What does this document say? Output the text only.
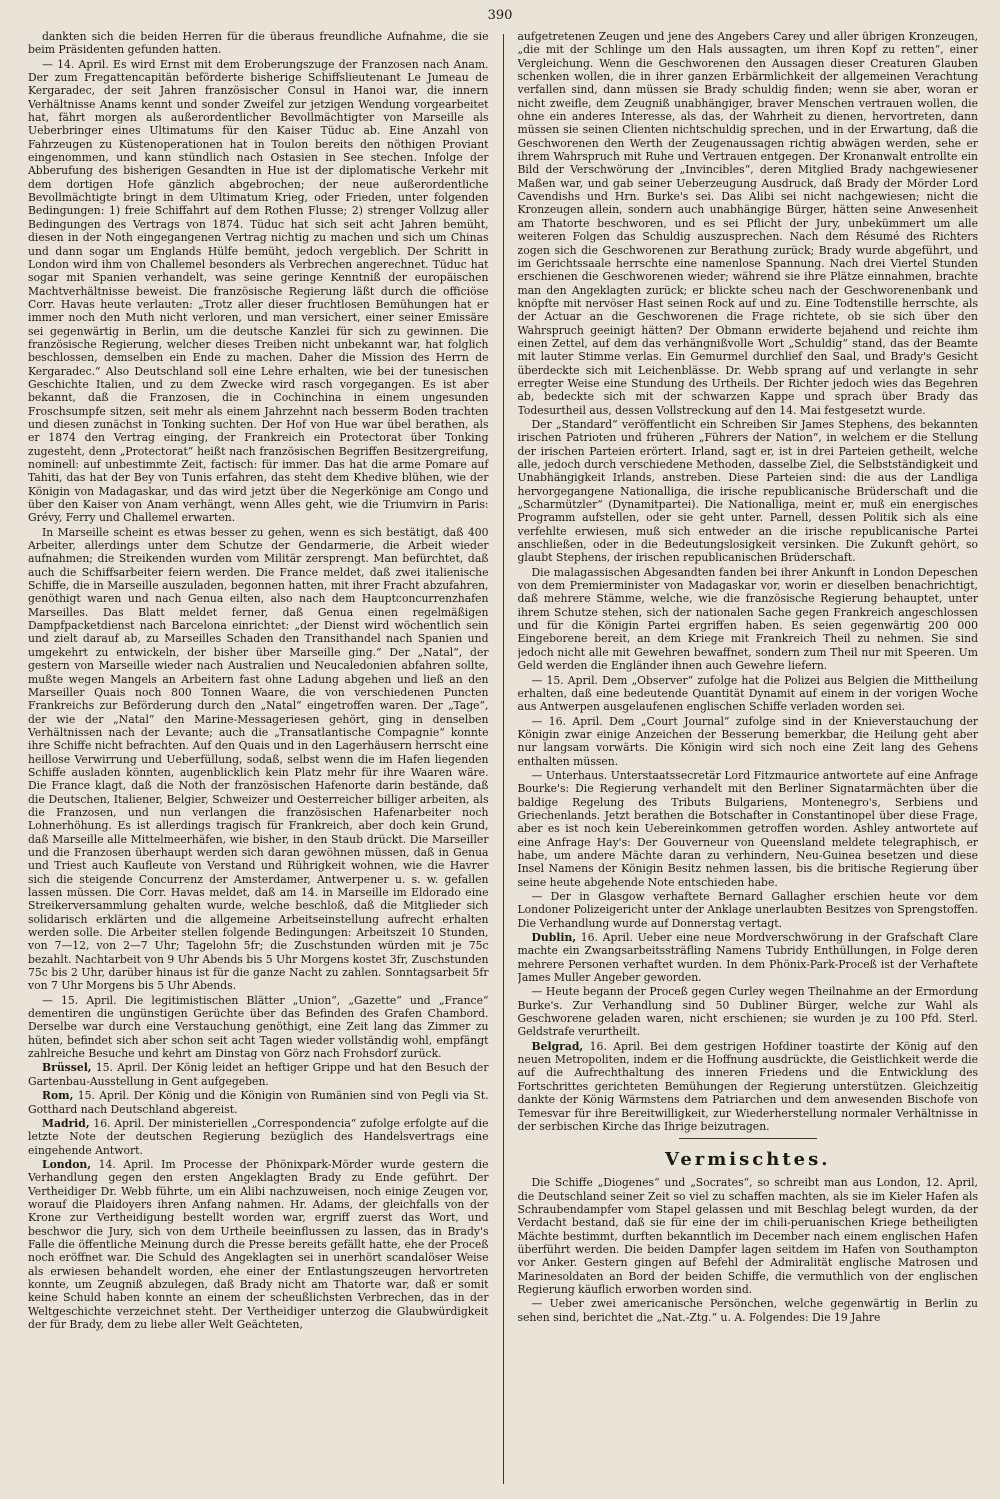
390

dankten sich die beiden Herren für die überaus freundliche Aufnahme, die sie beim Präsidenten gefunden hatten.

— 14. April. Es wird Ernst mit dem Eroberungszuge der Franzosen nach Anam. Der zum Fregattencapitän beförderte bisherige Schiffslieutenant Le Jumeau de Kergaradec, der seit Jahren französischer Consul in Hanoi war, die innern Verhältnisse Anams kennt und sonder Zweifel zur jetzigen Wendung vorgearbeitet hat, fährt morgen als außerordentlicher Bevollmächtigter von Marseille als Ueberbringer eines Ultimatums für den Kaiser Tüduc ab. Eine Anzahl von Fahrzeugen zu Küstenoperationen hat in Toulon bereits den nöthigen Proviant eingenommen, und kann stündlich nach Ostasien in See stechen. Infolge der Abberufung des bisherigen Gesandten in Hue ist der diplomatische Verkehr mit dem dortigen Hofe gänzlich abgebrochen; der neue außerordentliche Bevollmächtigte bringt in dem Ultimatum Krieg, oder Frieden, unter folgenden Bedingungen: 1) freie Schiffahrt auf dem Rothen Flusse; 2) strenger Vollzug aller Bedingungen des Vertrags von 1874. Tüduc hat sich seit acht Jahren bemüht, diesen in der Noth eingegangenen Vertrag nichtig zu machen und sich um Chinas und dann sogar um Englands Hülfe bemüht, jedoch vergeblich. Der Schritt in London wird ihm von Challemel besonders als Verbrechen angerechnet. Tüduc hat sogar mit Spanien verhandelt, was seine geringe Kenntniß der europäischen Machtverhältnisse beweist. Die französische Regierung läßt durch die officiöse Corr. Havas heute verlauten: „Trotz aller dieser fruchtlosen Bemühungen hat er immer noch den Muth nicht verloren, und man versichert, einer seiner Emissäre sei gegenwärtig in Berlin, um die deutsche Kanzlei für sich zu gewinnen. Die französische Regierung, welcher dieses Treiben nicht unbekannt war, hat folglich beschlossen, demselben ein Ende zu machen. Daher die Mission des Herrn de Kergaradec.“ Also Deutschland soll eine Lehre erhalten, wie bei der tunesischen Geschichte Italien, und zu dem Zwecke wird rasch vorgegangen. Es ist aber bekannt, daß die Franzosen, die in Cochinchina in einem ungesunden Froschsumpfe sitzen, seit mehr als einem Jahrzehnt nach besserm Boden trachten und diesen zunächst in Tonking suchten. Der Hof von Hue war übel berathen, als er 1874 den Vertrag einging, der Frankreich ein Protectorat über Tonking zugesteht, denn „Protectorat“ heißt nach französischen Begriffen Besitzergreifung, nominell: auf unbestimmte Zeit, factisch: für immer. Das hat die arme Pomare auf Tahiti, das hat der Bey von Tunis erfahren, das steht dem Khedive blühen, wie der Königin von Madagaskar, und das wird jetzt über die Negerkönige am Congo und über den Kaiser von Anam verhängt, wenn Alles geht, wie die Triumvirn in Paris: Grévy, Ferry und Challemel erwarten.

In Marseille scheint es etwas besser zu gehen, wenn es sich bestätigt, daß 400 Arbeiter, allerdings unter dem Schutze der Gendarmerie, die Arbeit wieder aufnahmen; die Streikenden wurden vom Militär zersprengt. Man befürchtet, daß auch die Schiffsarbeiter feiern werden. Die France meldet, daß zwei italienische Schiffe, die in Marseille auszuladen, begonnen hatten, mit ihrer Fracht abzufahren, genöthigt waren und nach Genua eilten, also nach dem Hauptconcurrenzhafen Marseilles. Das Blatt meldet ferner, daß Genua einen regelmäßigen Dampfpacketdienst nach Barcelona einrichtet: „der Dienst wird wöchentlich sein und zielt darauf ab, zu Marseilles Schaden den Transithandel nach Spanien und umgekehrt zu entwickeln, der bisher über Marseille ging.“ Der „Natal“, der gestern von Marseille wieder nach Australien und Neucaledonien abfahren sollte, mußte wegen Mangels an Arbeitern fast ohne Ladung abgehen und ließ an den Marseiller Quais noch 800 Tonnen Waare, die von verschiedenen Puncten Frankreichs zur Beförderung durch den „Natal“ eingetroffen waren. Der „Tage“, der wie der „Natal“ den Marine-Messageriesen gehört, ging in denselben Verhältnissen nach der Levante; auch die „Transatlantische Compagnie“ konnte ihre Schiffe nicht befrachten. Auf den Quais und in den Lagerhäusern herrscht eine heillose Verwirrung und Ueberfüllung, sodaß, selbst wenn die im Hafen liegenden Schiffe ausladen könnten, augenblicklich kein Platz mehr für ihre Waaren wäre. Die France klagt, daß die Noth der französischen Hafenorte darin bestände, daß die Deutschen, Italiener, Belgier, Schweizer und Oesterreicher billiger arbeiten, als die Franzosen, und nun verlangen die französischen Hafenarbeiter noch Lohnerhöhung. Es ist allerdings tragisch für Frankreich, aber doch kein Grund, daß Marseille alle Mittelmeerhäfen, wie bisher, in den Staub drückt. Die Marseiller und die Franzosen überhaupt werden sich daran gewöhnen müssen, daß in Genua und Triest auch Kaufleute von Verstand und Rührigkeit wohnen, wie die Havrer sich die steigende Concurrenz der Amsterdamer, Antwerpener u. s. w. gefallen lassen müssen. Die Corr. Havas meldet, daß am 14. in Marseille im Eldorado eine Streikerversammlung gehalten wurde, welche beschloß, daß die Mitglieder sich solidarisch erklärten und die allgemeine Arbeitseinstellung aufrecht erhalten werden solle. Die Arbeiter stellen folgende Bedingungen: Arbeitszeit 10 Stunden, von 7—12, von 2—7 Uhr; Tagelohn 5fr; die Zuschstunden würden mit je 75c bezahlt. Nachtarbeit von 9 Uhr Abends bis 5 Uhr Morgens kostet 3fr, Zuschstunden 75c bis 2 Uhr, darüber hinaus ist für die ganze Nacht zu zahlen. Sonntagsarbeit 5fr von 7 Uhr Morgens bis 5 Uhr Abends.

— 15. April. Die legitimistischen Blätter „Union“, „Gazette“ und „France“ dementiren die ungünstigen Gerüchte über das Befinden des Grafen Chambord. Derselbe war durch eine Verstauchung genöthigt, eine Zeit lang das Zimmer zu hüten, befindet sich aber schon seit acht Tagen wieder vollständig wohl, empfängt zahlreiche Besuche und kehrt am Dinstag von Görz nach Frohsdorf zurück.

Brüssel, 15. April. Der König leidet an heftiger Grippe und hat den Besuch der Gartenbau-Ausstellung in Gent aufgegeben.

Rom, 15. April. Der König und die Königin von Rumänien sind von Pegli via St. Gotthard nach Deutschland abgereist.

Madrid, 16. April. Der ministeriellen „Correspondencia“ zufolge erfolgte auf die letzte Note der deutschen Regierung bezüglich des Handelsvertrags eine eingehende Antwort.

London, 14. April. Im Processe der Phönixpark-Mörder wurde gestern die Verhandlung gegen den ersten Angeklagten Brady zu Ende geführt. Der Vertheidiger Dr. Webb führte, um ein Alibi nachzuweisen, noch einige Zeugen vor, worauf die Plaidoyers ihren Anfang nahmen. Hr. Adams, der gleichfalls von der Krone zur Vertheidigung bestellt worden war, ergriff zuerst das Wort, und beschwor die Jury, sich von dem Urtheile beeinflussen zu lassen, das in Brady's Falle die öffentliche Meinung durch die Presse bereits gefällt hatte, ehe der Proceß noch eröffnet war. Die Schuld des Angeklagten sei in unerhört scandalöser Weise als erwiesen behandelt worden, ehe einer der Entlastungszeugen hervortreten konnte, um Zeugniß abzulegen, daß Brady nicht am Thatorte war, daß er somit keine Schuld haben konnte an einem der scheußlichsten Verbrechen, das in der Weltgeschichte verzeichnet steht. Der Vertheidiger unterzog die Glaubwürdigkeit der für Brady, dem zu liebe aller Welt Geächteten,

aufgetretenen Zeugen und jene des Angebers Carey und aller übrigen Kronzeugen, „die mit der Schlinge um den Hals aussagten, um ihren Kopf zu retten“, einer Vergleichung. Wenn die Geschworenen den Aussagen dieser Creaturen Glauben schenken wollen, die in ihrer ganzen Erbärmlichkeit der allgemeinen Verachtung verfallen sind, dann müssen sie Brady schuldig finden; wenn sie aber, woran er nicht zweifle, dem Zeugniß unabhängiger, braver Menschen vertrauen wollen, die ohne ein anderes Interesse, als das, der Wahrheit zu dienen, hervortreten, dann müssen sie seinen Clienten nichtschuldig sprechen, und in der Erwartung, daß die Geschworenen den Werth der Zeugenaussagen richtig abwägen werden, sehe er ihrem Wahrspruch mit Ruhe und Vertrauen entgegen. Der Kronanwalt entrollte ein Bild der Verschwörung der „Invincibles“, deren Mitglied Brady nachgewiesener Maßen war, und gab seiner Ueberzeugung Ausdruck, daß Brady der Mörder Lord Cavendishs und Hrn. Burke's sei. Das Alibi sei nicht nachgewiesen; nicht die Kronzeugen allein, sondern auch unabhängige Bürger, hätten seine Anwesenheit am Thatorte beschworen, und es sei Pflicht der Jury, unbekümmert um alle weiteren Folgen das Schuldig auszusprechen. Nach dem Résumé des Richters zogen sich die Geschworenen zur Berathung zurück; Brady wurde abgeführt, und im Gerichtssaale herrschte eine namenlose Spannung. Nach drei Viertel Stunden erschienen die Geschworenen wieder; während sie ihre Plätze einnahmen, brachte man den Angeklagten zurück; er blickte scheu nach der Geschworenenbank und knöpfte mit nervöser Hast seinen Rock auf und zu. Eine Todtenstille herrschte, als der Actuar an die Geschworenen die Frage richtete, ob sie sich über den Wahrspruch geeinigt hätten? Der Obmann erwiderte bejahend und reichte ihm einen Zettel, auf dem das verhängnißvolle Wort „Schuldig“ stand, das der Beamte mit lauter Stimme verlas. Ein Gemurmel durchlief den Saal, und Brady's Gesicht überdeckte sich mit Leichenblässe. Dr. Webb sprang auf und verlangte in sehr erregter Weise eine Stundung des Urtheils. Der Richter jedoch wies das Begehren ab, bedeckte sich mit der schwarzen Kappe und sprach über Brady das Todesurtheil aus, dessen Vollstreckung auf den 14. Mai festgesetzt wurde.

Der „Standard“ veröffentlicht ein Schreiben Sir James Stephens, des bekannten irischen Patrioten und früheren „Führers der Nation“, in welchem er die Stellung der irischen Parteien erörtert. Irland, sagt er, ist in drei Parteien getheilt, welche alle, jedoch durch verschiedene Methoden, dasselbe Ziel, die Selbstständigkeit und Unabhängigkeit Irlands, anstreben. Diese Parteien sind: die aus der Landliga hervorgegangene Nationalliga, die irische republicanische Brüderschaft und die „Scharmützler“ (Dynamitpartei). Die Nationalliga, meint er, muß ein energisches Programm aufstellen, oder sie geht unter. Parnell, dessen Politik sich als eine verfehlte erwiesen, muß sich entweder an die irische republicanische Partei anschließen, oder in die Bedeutungslosigkeit versinken. Die Zukunft gehört, so glaubt Stephens, der irischen republicanischen Brüderschaft.

Die malagassischen Abgesandten fanden bei ihrer Ankunft in London Depeschen von dem Premierminister von Madagaskar vor, worin er dieselben benachrichtigt, daß mehrere Stämme, welche, wie die französische Regierung behauptet, unter ihrem Schutze stehen, sich der nationalen Sache gegen Frankreich angeschlossen und für die Königin Partei ergriffen haben. Es seien gegenwärtig 200 000 Eingeborene bereit, an dem Kriege mit Frankreich Theil zu nehmen. Sie sind jedoch nicht alle mit Gewehren bewaffnet, sondern zum Theil nur mit Speeren. Um Geld werden die Engländer ihnen auch Gewehre liefern.

— 15. April. Dem „Observer“ zufolge hat die Polizei aus Belgien die Mittheilung erhalten, daß eine bedeutende Quantität Dynamit auf einem in der vorigen Woche aus Antwerpen ausgelaufenen englischen Schiffe verladen worden sei.

— 16. April. Dem „Court Journal“ zufolge sind in der Knieverstauchung der Königin zwar einige Anzeichen der Besserung bemerkbar, die Heilung geht aber nur langsam vorwärts. Die Königin wird sich noch eine Zeit lang des Gehens enthalten müssen.

— Unterhaus. Unterstaatssecretär Lord Fitzmaurice antwortete auf eine Anfrage Bourke's: Die Regierung verhandelt mit den Berliner Signatarmächten über die baldige Regelung des Tributs Bulgariens, Montenegro's, Serbiens und Griechenlands. Jetzt berathen die Botschafter in Constantinopel über diese Frage, aber es ist noch kein Uebereinkommen getroffen worden. Ashley antwortete auf eine Anfrage Hay's: Der Gouverneur von Queensland meldete telegraphisch, er habe, um andere Mächte daran zu verhindern, Neu-Guinea besetzen und diese Insel Namens der Königin Besitz nehmen lassen, bis die britische Regierung über seine heute abgehende Note entschieden habe.

— Der in Glasgow verhaftete Bernard Gallagher erschien heute vor dem Londoner Polizeigericht unter der Anklage unerlaubten Besitzes von Sprengstoffen. Die Verhandlung wurde auf Donnerstag vertagt.

Dublin, 16. April. Ueber eine neue Mordverschwörung in der Grafschaft Clare machte ein Zwangsarbeitssträfling Namens Tubridy Enthüllungen, in Folge deren mehrere Personen verhaftet wurden. In dem Phönix-Park-Proceß ist der Verhaftete James Muller Angeber geworden.

— Heute begann der Proceß gegen Curley wegen Theilnahme an der Ermordung Burke's. Zur Verhandlung sind 50 Dubliner Bürger, welche zur Wahl als Geschworene geladen waren, nicht erschienen; sie wurden je zu 100 Pfd. Sterl. Geldstrafe verurtheilt.

Belgrad, 16. April. Bei dem gestrigen Hofdiner toastirte der König auf den neuen Metropoliten, indem er die Hoffnung ausdrückte, die Geistlichkeit werde die auf die Aufrechthaltung des inneren Friedens und die Entwicklung des Fortschrittes gerichteten Bemühungen der Regierung unterstützen. Gleichzeitig dankte der König Wärmstens dem Patriarchen und dem anwesenden Bischofe von Temesvar für ihre Bereitwilligkeit, zur Wiederherstellung normaler Verhältnisse in der serbischen Kirche das Ihrige beizutragen.

Vermischtes.

Die Schiffe „Diogenes“ und „Socrates“, so schreibt man aus London, 12. April, die Deutschland seiner Zeit so viel zu schaffen machten, als sie im Kieler Hafen als Schraubendampfer vom Stapel gelassen und mit Beschlag belegt wurden, da der Verdacht bestand, daß sie für eine der im chili-peruanischen Kriege betheiligten Mächte bestimmt, durften bekanntlich im December nach einem englischen Hafen überführt werden. Die beiden Dampfer lagen seitdem im Hafen von Southampton vor Anker. Gestern gingen auf Befehl der Admiralität englische Matrosen und Marinesoldaten an Bord der beiden Schiffe, die vermuthlich von der englischen Regierung käuflich erworben worden sind.

— Ueber zwei americanische Persönchen, welche gegenwärtig in Berlin zu sehen sind, berichtet die „Nat.-Ztg.“ u. A. Folgendes: Die 19 Jahre
